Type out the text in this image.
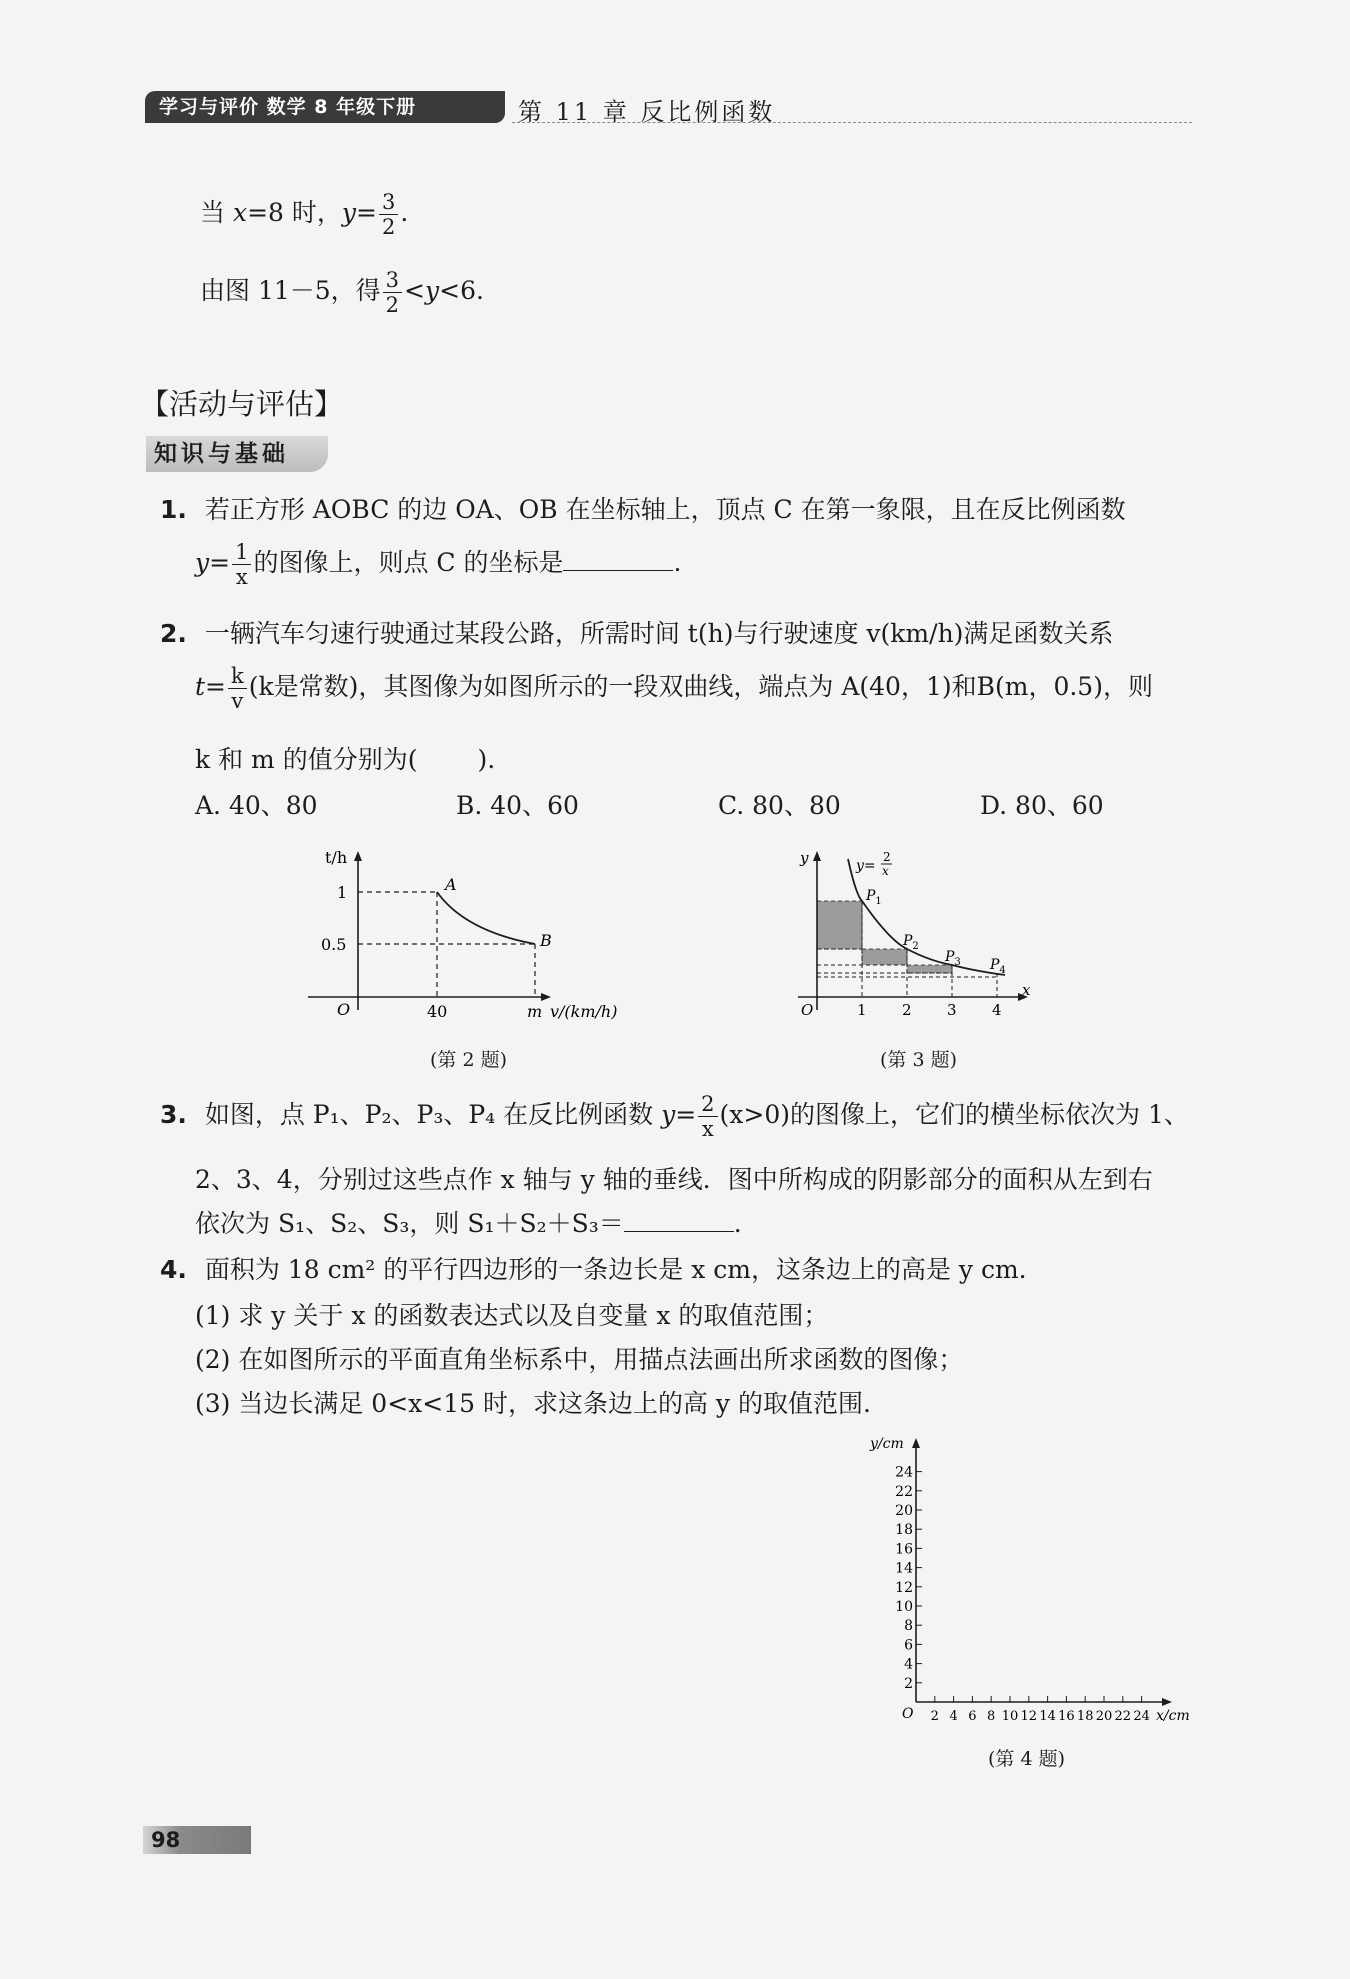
学习与评价 数学 8 年级下册	第 11 章 反比例函数
当 x=8 时，$y= \frac{3}{2}$ .
由图 11－5，得 $\frac{3}{2} <y<6$.
【活动与评估】
知识与基础
1. 若正方形 AOBC 的边 OA、OB 在坐标轴上，顶点 C 在第一象限，且在反比例函数
$y= \frac{1}{x}$ 的图像上，则点 C 的坐标是	.
2. 一辆汽车匀速行驶通过某段公路，所需时间 t(h)与行驶速度 v(km/h)满足函数关系
$t= \frac{k}{v} (k$是常数)，其图像为如图所示的一段双曲线，端点为 A(40，1)和B(m，0.5)，则
k 和 m 的值分别为( ).
A. 40、80	B. 40、60	C. 80、80	D. 80、60
t/h
1
0.5
O	40	m v/(km/h)
A
B
(第 2 题)
y
x
O	1 2 3 4
y=
2
x
$P_1$
$P_2$
$P_3$ $P_4$
(第 3 题)
3. 如图，点 P₁、P₂、P₃、P₄ 在反比例函数 $y= \frac{2}{x} (x>0)$的图像上，它们的横坐标依次为 1、
2、3、4，分别过这些点作 x 轴与 y 轴的垂线．图中所构成的阴影部分的面积从左到右
依次为 S₁、S₂、S₃，则 S₁＋S₂＋S₃＝	.
4. 面积为 18 cm² 的平行四边形的一条边长是 x cm，这条边上的高是 y cm.
(1) 求 y 关于 x 的函数表达式以及自变量 x 的取值范围；
(2) 在如图所示的平面直角坐标系中，用描点法画出所求函数的图像；
(3) 当边长满足 0<x<15 时，求这条边上的高 y 的取值范围.
y/cm
x/cm
O
24
22
20
18
16
14
12
10
8
6
4
2
2 4 6 8 10 12 14 16 18 20 22 24
(第 4 题)
98
